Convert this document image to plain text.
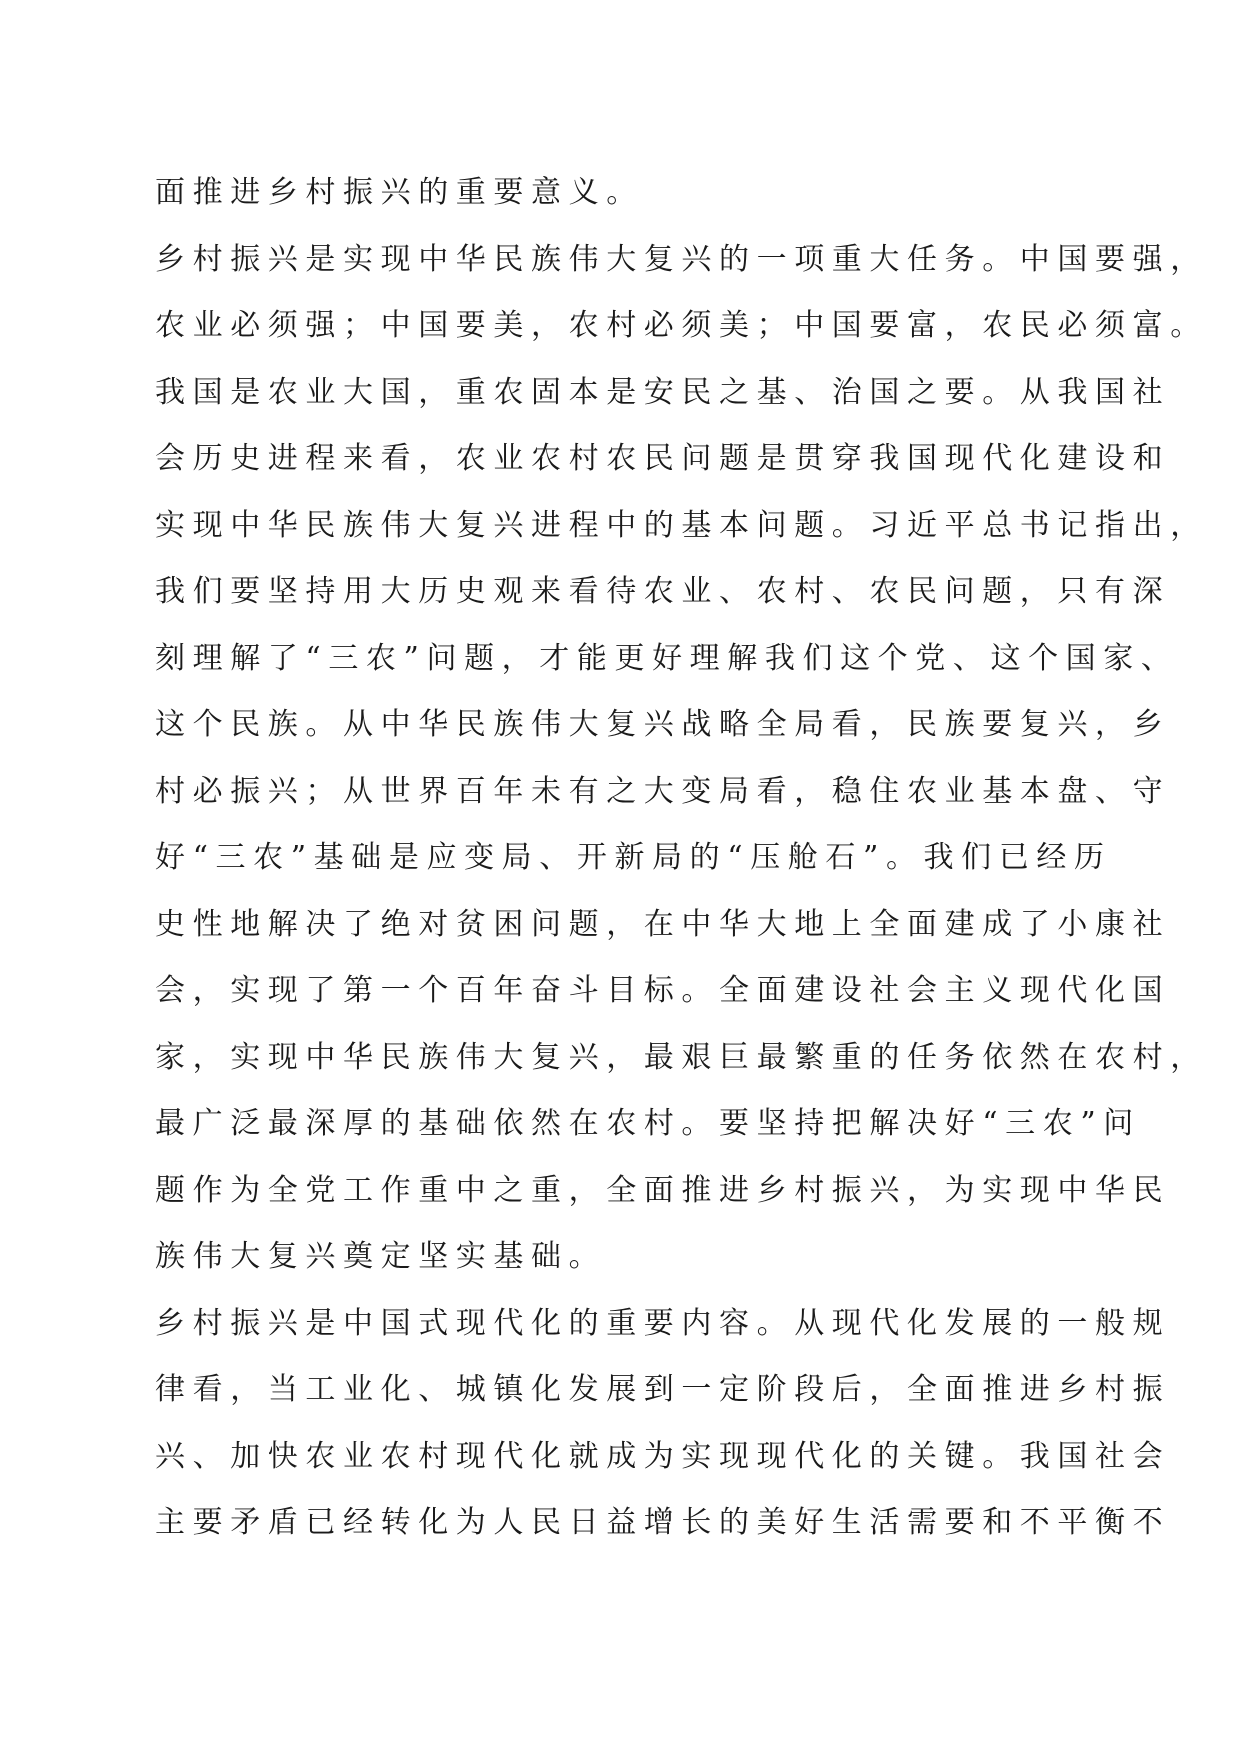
面推进乡村振兴的重要意义。
乡村振兴是实现中华民族伟大复兴的一项重大任务。中国要强，
农业必须强；中国要美，农村必须美；中国要富，农民必须富。
我国是农业大国，重农固本是安民之基、治国之要。从我国社
会历史进程来看，农业农村农民问题是贯穿我国现代化建设和
实现中华民族伟大复兴进程中的基本问题。习近平总书记指出，
我们要坚持用大历史观来看待农业、农村、农民问题，只有深
刻理解了“三农”问题，才能更好理解我们这个党、这个国家、
这个民族。从中华民族伟大复兴战略全局看，民族要复兴，乡
村必振兴；从世界百年未有之大变局看，稳住农业基本盘、守
好“三农”基础是应变局、开新局的“压舱石”。我们已经历
史性地解决了绝对贫困问题，在中华大地上全面建成了小康社
会，实现了第一个百年奋斗目标。全面建设社会主义现代化国
家，实现中华民族伟大复兴，最艰巨最繁重的任务依然在农村，
最广泛最深厚的基础依然在农村。要坚持把解决好“三农”问
题作为全党工作重中之重，全面推进乡村振兴，为实现中华民
族伟大复兴奠定坚实基础。
乡村振兴是中国式现代化的重要内容。从现代化发展的一般规
律看，当工业化、城镇化发展到一定阶段后，全面推进乡村振
兴、加快农业农村现代化就成为实现现代化的关键。我国社会
主要矛盾已经转化为人民日益增长的美好生活需要和不平衡不
